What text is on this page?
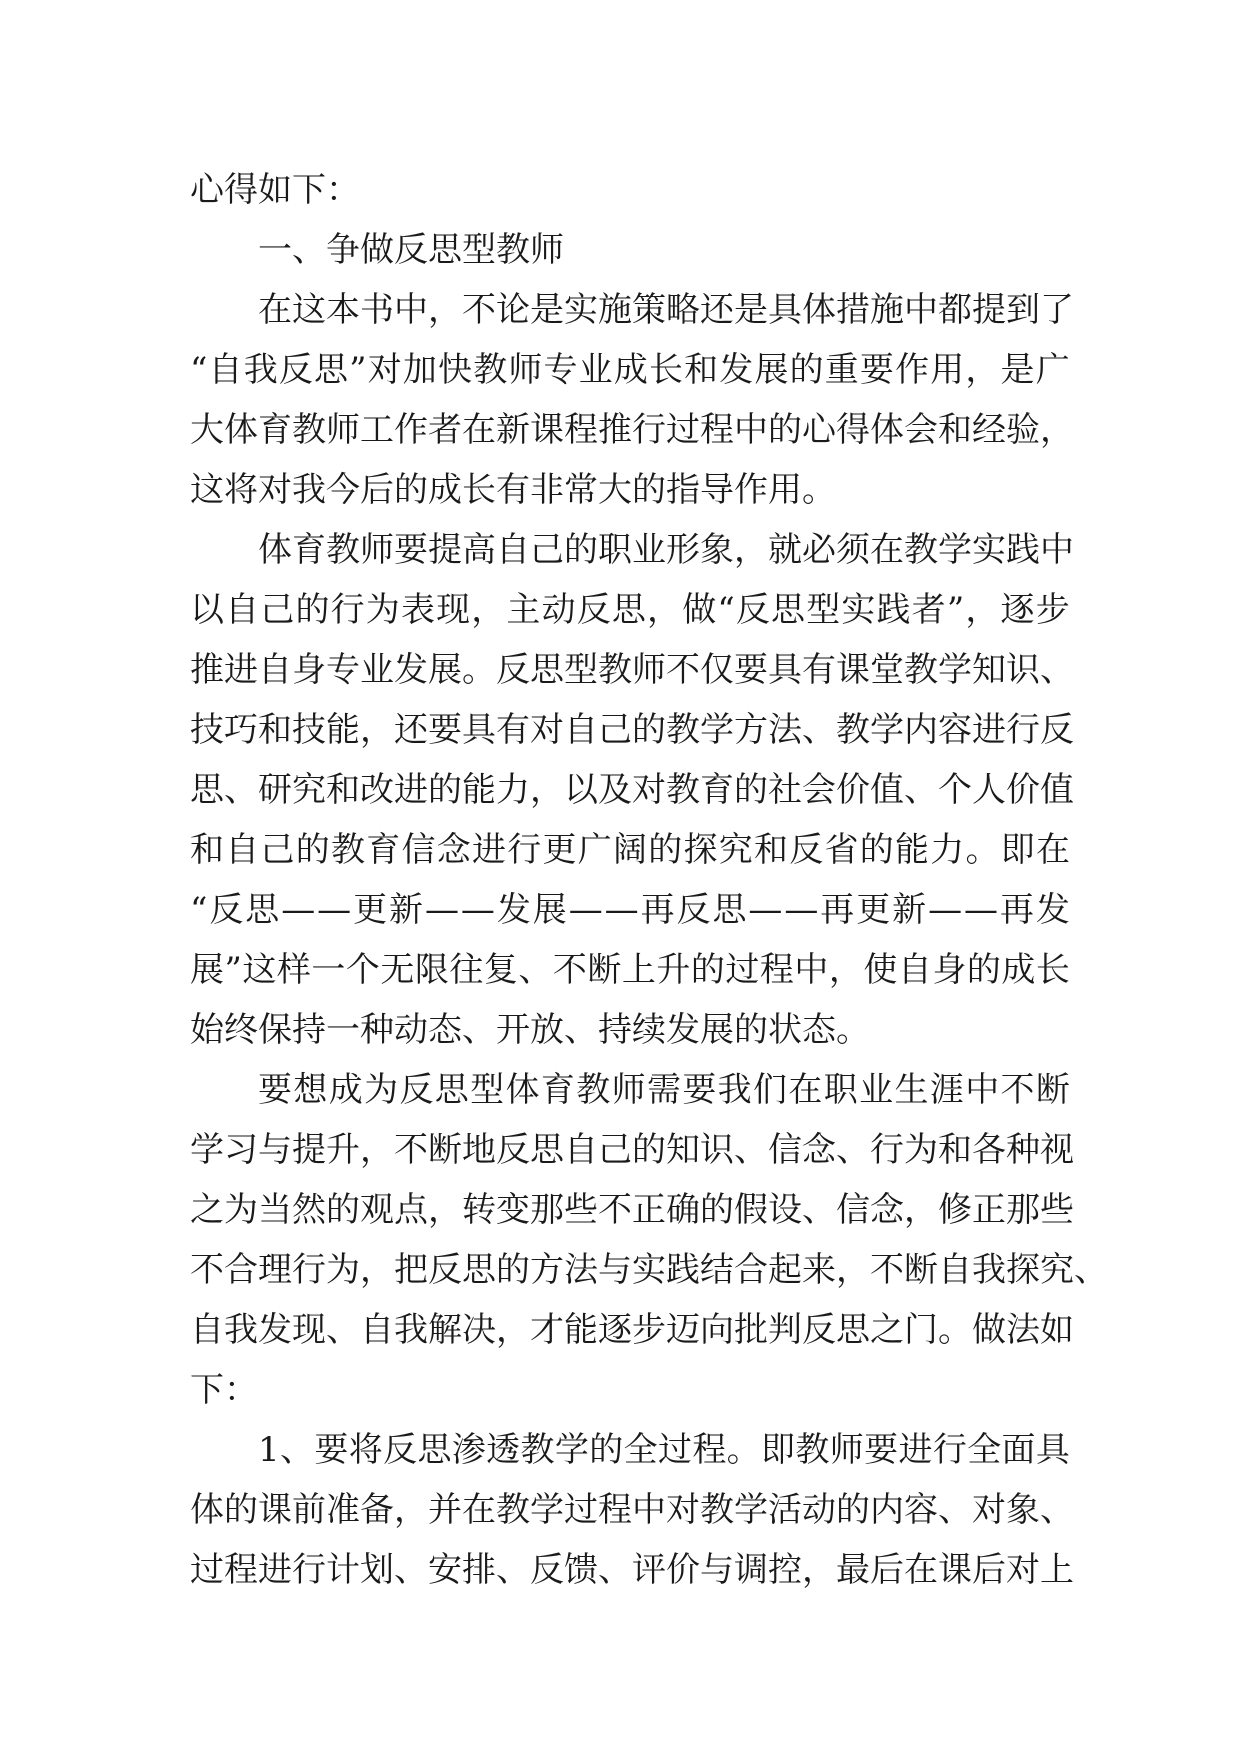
心得如下：
一、争做反思型教师
在 这 本 书 中 ， 不 论 是 实 施 策 略 还 是 具 体 措 施 中 都 提 到 了
“ 自 我 反 思 ” 对 加 快 教 师 专 业 成 长 和 发 展 的 重 要 作 用 ， 是 广
大 体 育 教 师 工 作 者 在 新 课 程 推 行 过 程 中 的 心 得 体 会 和 经 验 ，
这将对我今后的成长有非常大的指导作用。
体 育 教 师 要 提 高 自 己 的 职 业 形 象 ， 就 必 须 在 教 学 实 践 中
以 自 己 的 行 为 表 现 ， 主 动 反 思 ， 做 “ 反 思 型 实 践 者 ” ， 逐 步
推 进 自 身 专 业 发 展 。 反 思 型 教 师 不 仅 要 具 有 课 堂 教 学 知 识 、
技 巧 和 技 能 ， 还 要 具 有 对 自 己 的 教 学 方 法 、 教 学 内 容 进 行 反
思 、 研 究 和 改 进 的 能 力 ， 以 及 对 教 育 的 社 会 价 值 、 个 人 价 值
和 自 己 的 教 育 信 念 进 行 更 广 阔 的 探 究 和 反 省 的 能 力 。 即 在
“ 反 思 — — 更 新 — — 发 展 — — 再 反 思 — — 再 更 新 — — 再 发
展 ” 这 样 一 个 无 限 往 复 、 不 断 上 升 的 过 程 中 ， 使 自 身 的 成 长
始终保持一种动态、开放、持续发展的状态。
要 想 成 为 反 思 型 体 育 教 师 需 要 我 们 在 职 业 生 涯 中 不 断
学 习 与 提 升 ， 不 断 地 反 思 自 己 的 知 识 、 信 念 、 行 为 和 各 种 视
之 为 当 然 的 观 点 ， 转 变 那 些 不 正 确 的 假 设 、 信 念 ， 修 正 那 些
不 合 理 行 为 ， 把 反 思 的 方 法 与 实 践 结 合 起 来 ， 不 断 自 我 探 究 、
自 我 发 现 、 自 我 解 决 ， 才 能 逐 步 迈 向 批 判 反 思 之 门 。 做 法 如
下：
1 、 要 将 反 思 渗 透 教 学 的 全 过 程 。 即 教 师 要 进 行 全 面 具
体 的 课 前 准 备 ， 并 在 教 学 过 程 中 对 教 学 活 动 的 内 容 、 对 象 、
过 程 进 行 计 划 、 安 排 、 反 馈 、 评 价 与 调 控 ， 最 后 在 课 后 对 上
